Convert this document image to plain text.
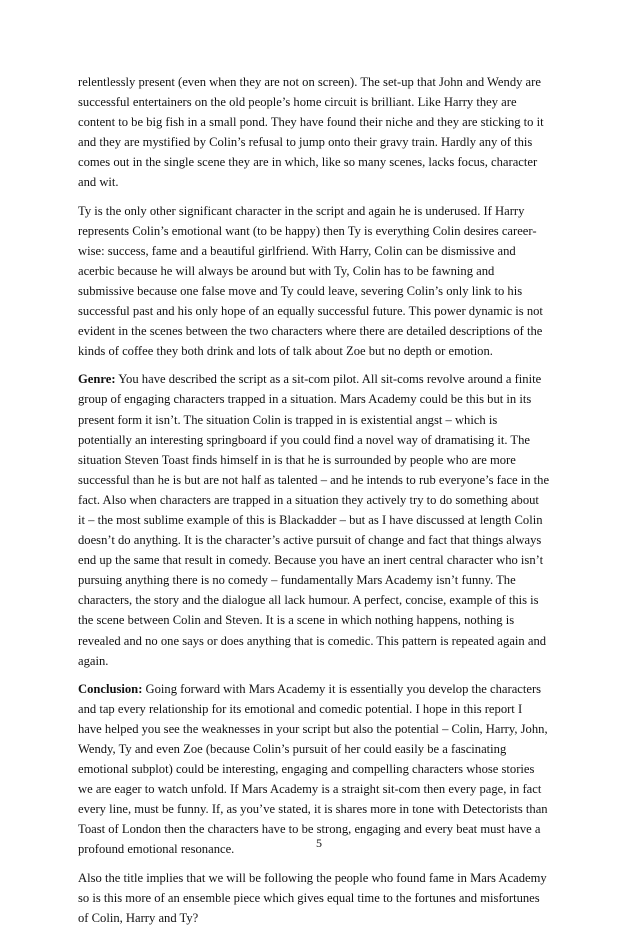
relentlessly present (even when they are not on screen). The set-up that John and Wendy are
successful entertainers on the old people’s home circuit is brilliant. Like Harry they are
content to be big fish in a small pond. They have found their niche and they are sticking to it
and they are mystified by Colin’s refusal to jump onto their gravy train. Hardly any of this
comes out in the single scene they are in which, like so many scenes, lacks focus, character
and wit.

Ty is the only other significant character in the script and again he is underused. If Harry
represents Colin’s emotional want (to be happy) then Ty is everything Colin desires career-
wise: success, fame and a beautiful girlfriend. With Harry, Colin can be dismissive and
acerbic because he will always be around but with Ty, Colin has to be fawning and
submissive because one false move and Ty could leave, severing Colin’s only link to his
successful past and his only hope of an equally successful future. This power dynamic is not
evident in the scenes between the two characters where there are detailed descriptions of the
kinds of coffee they both drink and lots of talk about Zoe but no depth or emotion.

Genre: You have described the script as a sit-com pilot. All sit-coms revolve around a finite
group of engaging characters trapped in a situation. Mars Academy could be this but in its
present form it isn’t. The situation Colin is trapped in is existential angst – which is
potentially an interesting springboard if you could find a novel way of dramatising it. The
situation Steven Toast finds himself in is that he is surrounded by people who are more
successful than he is but are not half as talented – and he intends to rub everyone’s face in the
fact. Also when characters are trapped in a situation they actively try to do something about
it – the most sublime example of this is Blackadder – but as I have discussed at length Colin
doesn’t do anything. It is the character’s active pursuit of change and fact that things always
end up the same that result in comedy. Because you have an inert central character who isn’t
pursuing anything there is no comedy – fundamentally Mars Academy isn’t funny. The
characters, the story and the dialogue all lack humour. A perfect, concise, example of this is
the scene between Colin and Steven. It is a scene in which nothing happens, nothing is
revealed and no one says or does anything that is comedic. This pattern is repeated again and
again.

Conclusion: Going forward with Mars Academy it is essentially you develop the characters
and tap every relationship for its emotional and comedic potential. I hope in this report I
have helped you see the weaknesses in your script but also the potential – Colin, Harry, John,
Wendy, Ty and even Zoe (because Colin’s pursuit of her could easily be a fascinating
emotional subplot) could be interesting, engaging and compelling characters whose stories
we are eager to watch unfold. If Mars Academy is a straight sit-com then every page, in fact
every line, must be funny. If, as you’ve stated, it is shares more in tone with Detectorists than
Toast of London then the characters have to be strong, engaging and every beat must have a
profound emotional resonance.

Also the title implies that we will be following the people who found fame in Mars Academy
so is this more of an ensemble piece which gives equal time to the fortunes and misfortunes
of Colin, Harry and Ty?

5
